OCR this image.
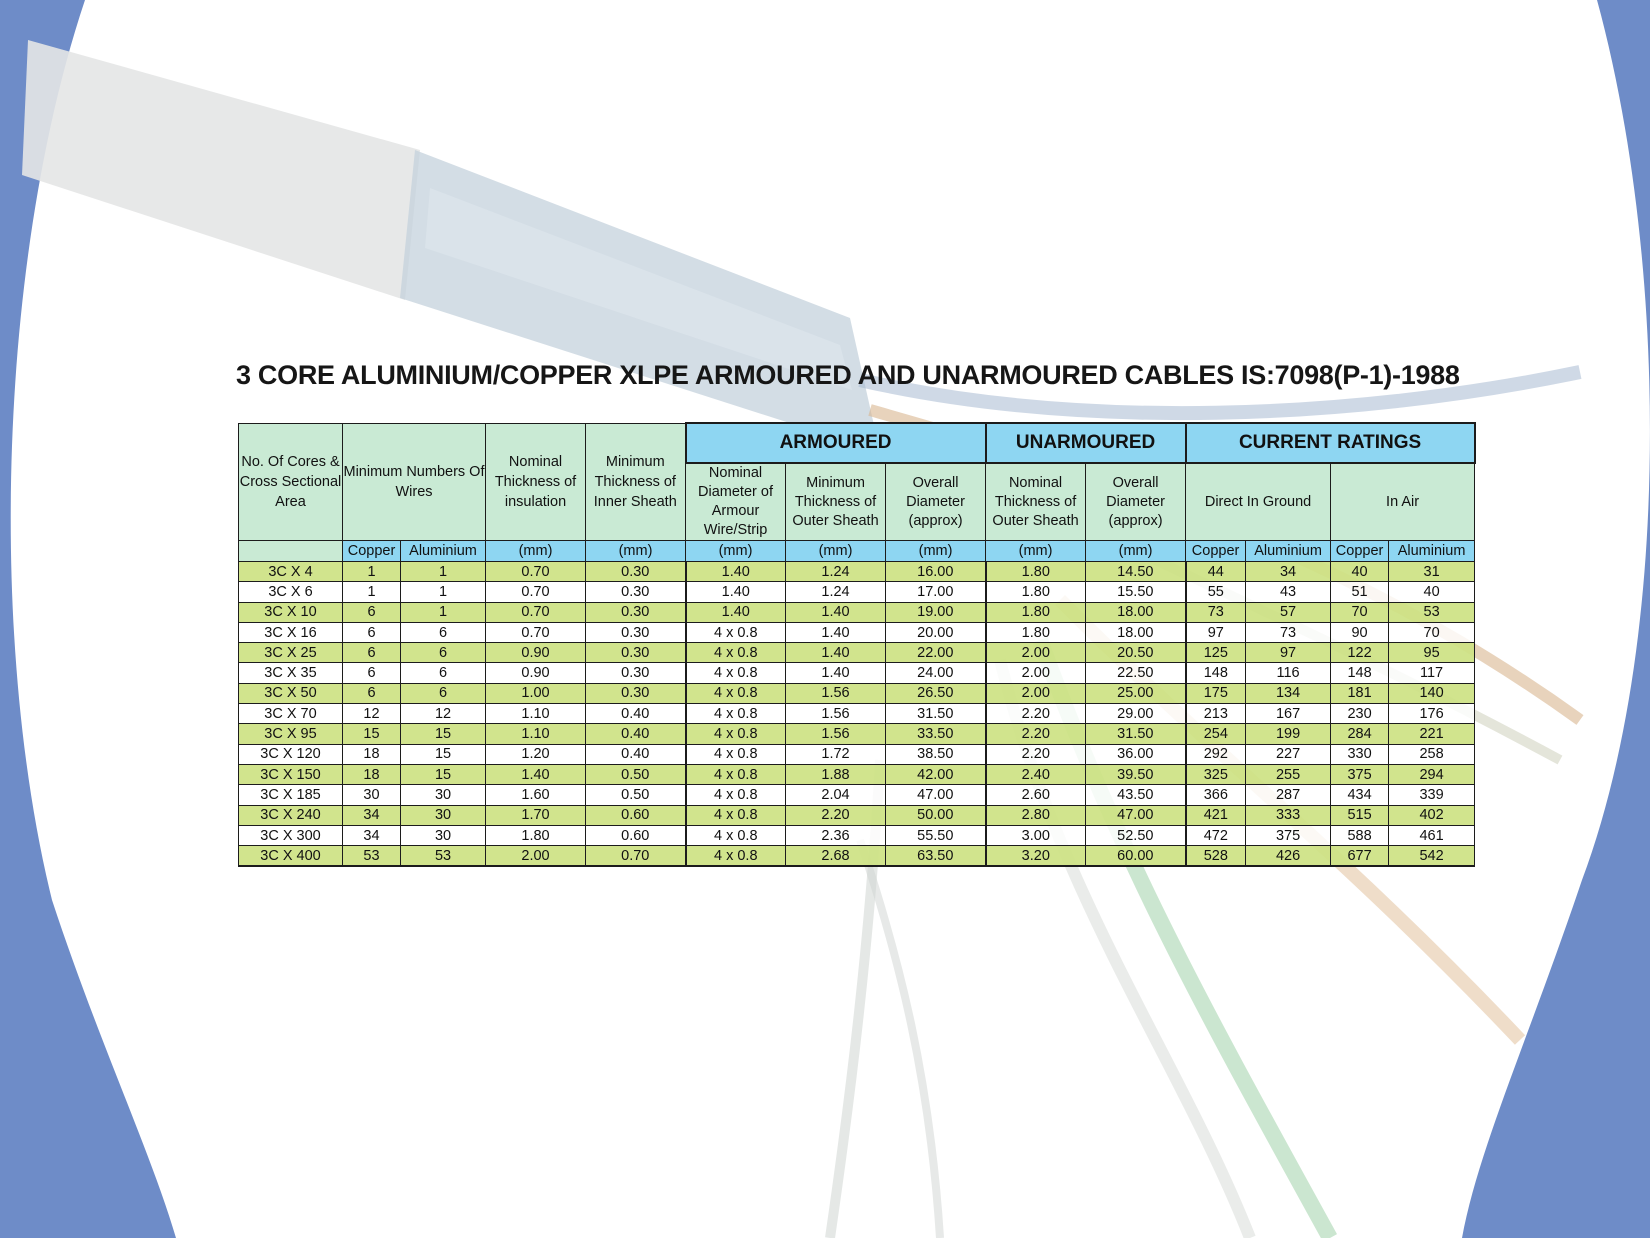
3 CORE ALUMINIUM/COPPER XLPE ARMOURED AND UNARMOURED CABLES IS:7098(P-1)-1988
No. Of Cores & Cross Sectional Area	Minimum Numbers Of Wires		Nominal Thickness of insulation	Minimum Thickness of Inner Sheath	ARMOURED			UNARMOURED		CURRENT RATINGS			
					Nominal Diameter of Armour Wire/Strip	Minimum Thickness of Outer Sheath	Overall Diameter (approx)	Nominal Thickness of Outer Sheath	Overall Diameter (approx)	Direct In Ground		In Air	
	Copper	Aluminium	(mm)	(mm)	(mm)	(mm)	(mm)	(mm)	(mm)	Copper	Aluminium	Copper	Aluminium
3C X 4	1	1	0.70	0.30	1.40	1.24	16.00	1.80	14.50	44	34	40	31
3C X 6	1	1	0.70	0.30	1.40	1.24	17.00	1.80	15.50	55	43	51	40
3C X 10	6	1	0.70	0.30	1.40	1.40	19.00	1.80	18.00	73	57	70	53
3C X 16	6	6	0.70	0.30	4 x 0.8	1.40	20.00	1.80	18.00	97	73	90	70
3C X 25	6	6	0.90	0.30	4 x 0.8	1.40	22.00	2.00	20.50	125	97	122	95
3C X 35	6	6	0.90	0.30	4 x 0.8	1.40	24.00	2.00	22.50	148	116	148	117
3C X 50	6	6	1.00	0.30	4 x 0.8	1.56	26.50	2.00	25.00	175	134	181	140
3C X 70	12	12	1.10	0.40	4 x 0.8	1.56	31.50	2.20	29.00	213	167	230	176
3C X 95	15	15	1.10	0.40	4 x 0.8	1.56	33.50	2.20	31.50	254	199	284	221
3C X 120	18	15	1.20	0.40	4 x 0.8	1.72	38.50	2.20	36.00	292	227	330	258
3C X 150	18	15	1.40	0.50	4 x 0.8	1.88	42.00	2.40	39.50	325	255	375	294
3C X 185	30	30	1.60	0.50	4 x 0.8	2.04	47.00	2.60	43.50	366	287	434	339
3C X 240	34	30	1.70	0.60	4 x 0.8	2.20	50.00	2.80	47.00	421	333	515	402
3C X 300	34	30	1.80	0.60	4 x 0.8	2.36	55.50	3.00	52.50	472	375	588	461
3C X 400	53	53	2.00	0.70	4 x 0.8	2.68	63.50	3.20	60.00	528	426	677	542
